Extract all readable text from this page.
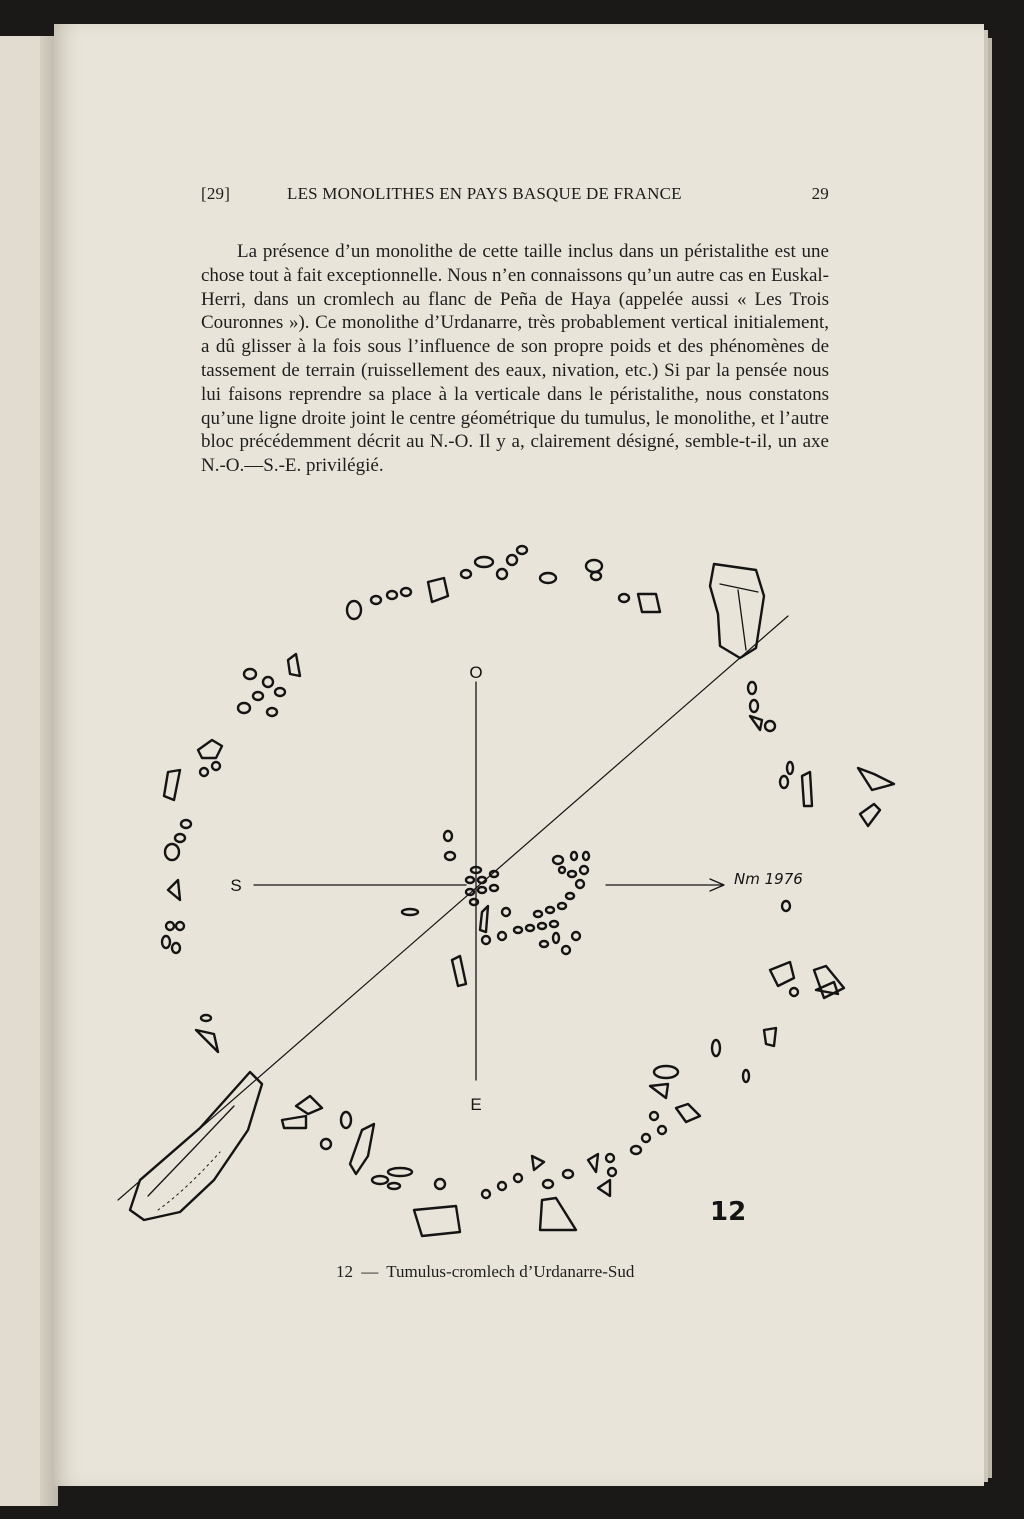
[29]	LES MONOLITHES EN PAYS BASQUE DE FRANCE	29

La présence d’un monolithe de cette taille inclus dans un péristalithe est une chose tout à fait exceptionnelle. Nous n’en connaissons qu’un autre cas en Euskal-Herri, dans un cromlech au flanc de Peña de Haya (appelée aussi « Les Trois Couronnes »). Ce monolithe d’Urdanarre, très probablement vertical initialement, a dû glisser à la fois sous l’influence de son propre poids et des phénomènes de tassement de terrain (ruissellement des eaux, nivation, etc.) Si par la pensée nous lui faisons reprendre sa place à la verticale dans le péristalithe, nous constatons qu’une ligne droite joint le centre géométrique du tumulus, le monolithe, et l’autre bloc précédemment décrit au N.-O. Il y a, clairement désigné, semble-t-il, un axe N.-O.—S.-E. privilégié.

O
E
S	Nm 1976
12
12 — Tumulus-cromlech d’Urdanarre-Sud
